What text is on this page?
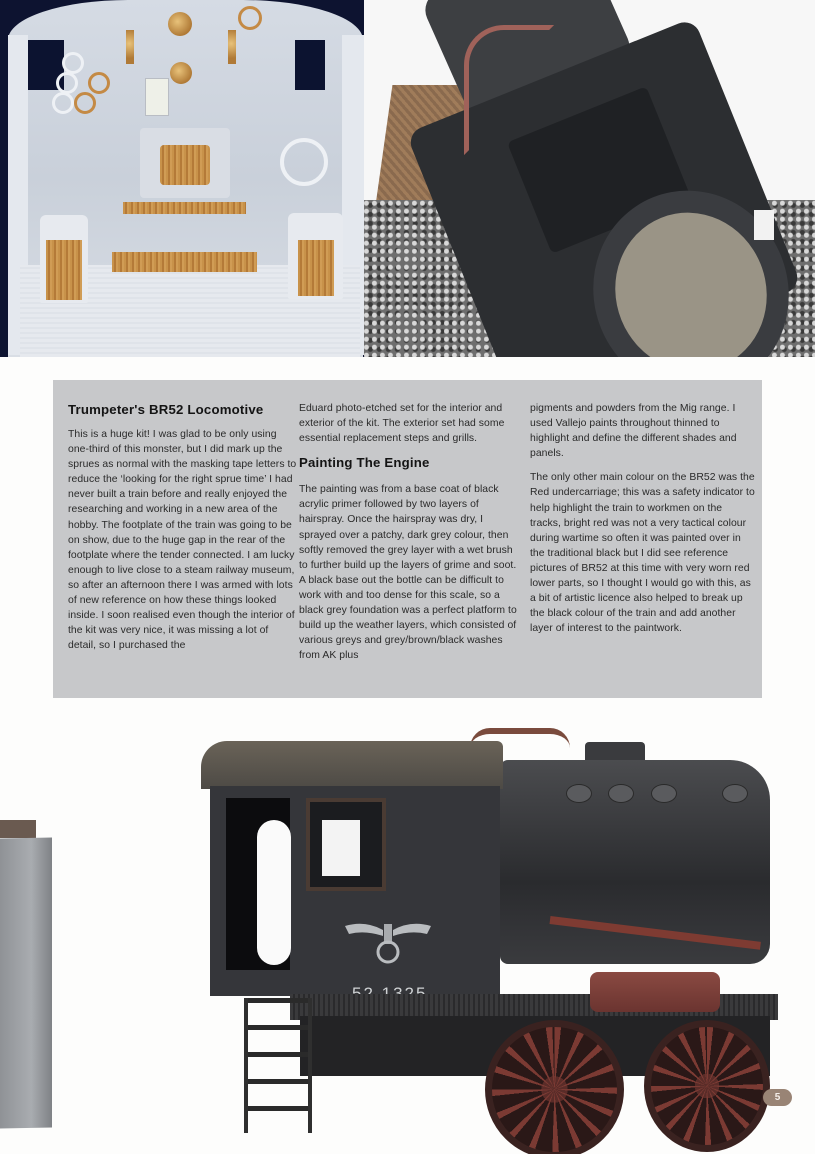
Trumpeter's BR52 Locomotive

This is a huge kit! I was glad to be only using one-third of this monster, but I did mark up the sprues as normal with the masking tape letters to reduce the ‘looking for the right sprue time’ I had never built a train before and really enjoyed the researching and working in a new area of the hobby. The footplate of the train was going to be on show, due to the huge gap in the rear of the footplate where the tender connected. I am lucky enough to live close to a steam railway museum, so after an afternoon there I was armed with lots of new reference on how these things looked inside. I soon realised even though the interior of the kit was very nice, it was missing a lot of detail, so I purchased the

Eduard photo-etched set for the interior and exterior of the kit. The exterior set had some essential replacement steps and grills.

Painting The Engine

The painting was from a base coat of black acrylic primer followed by two layers of hairspray. Once the hairspray was dry, I sprayed over a patchy, dark grey colour, then softly removed the grey layer with a wet brush to further build up the layers of grime and soot. A black base out the bottle can be difficult to work with and too dense for this scale, so a black grey foundation was a perfect platform to build up the weather layers, which consisted of various greys and grey/brown/black washes from AK plus

pigments and powders from the Mig range. I used Vallejo paints throughout thinned to highlight and define the different shades and panels.

The only other main colour on the BR52 was the Red undercarriage; this was a safety indicator to help highlight the train to workmen on the tracks, bright red was not a very tactical colour during wartime so often it was painted over in the traditional black but I did see reference pictures of BR52 at this time with very worn red lower parts, so I thought I would go with this, as a bit of artistic licence also helped to break up the black colour of the train and add another layer of interest to the paintwork.

5
